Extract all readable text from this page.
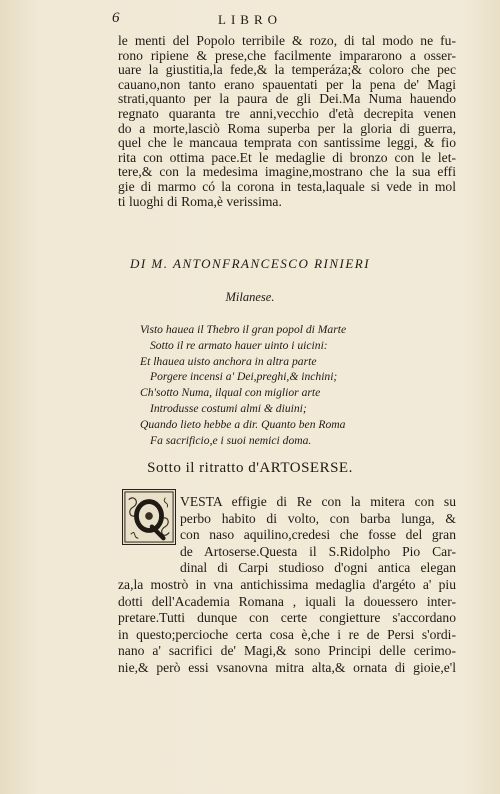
6	LIBRO
le menti del Popolo terribile & rozo, di tal modo ne fu-
rono ripiene & prese,che facilmente impararono a osser-
uare la giustitia,la fede,& la temperáza;& coloro che pec
cauano,non tanto erano spauentati per la pena de' Magi
strati,quanto per la paura de gli Dei.Ma Numa hauendo
regnato quaranta tre anni,vecchio d'età decrepita venen
do a morte,lasciò Roma superba per la gloria di guerra,
quel che le mancaua temprata con santissime leggi, & fio
rita con ottima pace.Et le medaglie di bronzo con le let-
tere,& con la medesima imagine,mostrano che la sua effi
gie di marmo có la corona in testa,laquale si vede in mol
ti luoghi di Roma,è verissima.
DI M. ANTONFRANCESCO RINIERI
Milanese.
Visto hauea il Thebro il gran popol di Marte
Sotto il re armato hauer uinto i uicini:
Et lhauea uisto anchora in altra parte
Porgere incensi a' Dei,preghi,& inchini;
Ch'sotto Numa, ilqual con miglior arte
Introdusse costumi almi & diuini;
Quando lieto hebbe a dir. Quanto ben Roma
Fa sacrificio,e i suoi nemici doma.
Sotto il ritratto d'ARTOSERSE.
VESTA effigie di Re con la mitera con su
perbo habito di volto, con barba lunga, &
con naso aquilino,credesi che fosse del gran
de Artoserse.Questa il S.Ridolpho Pio Car-
dinal di Carpi studioso d'ogni antica elegan
za,la mostrò in vna antichissima medaglia d'argéto a' piu
dotti dell'Academia Romana , iquali la douessero inter-
pretare.Tutti dunque con certe congietture s'accordano
in questo;percioche certa cosa è,che i re de Persi s'ordi-
nano a' sacrifici de' Magi,& sono Principi delle cerimo-
nie,& però essi vsanovna mitra alta,& ornata di gioie,e'l
